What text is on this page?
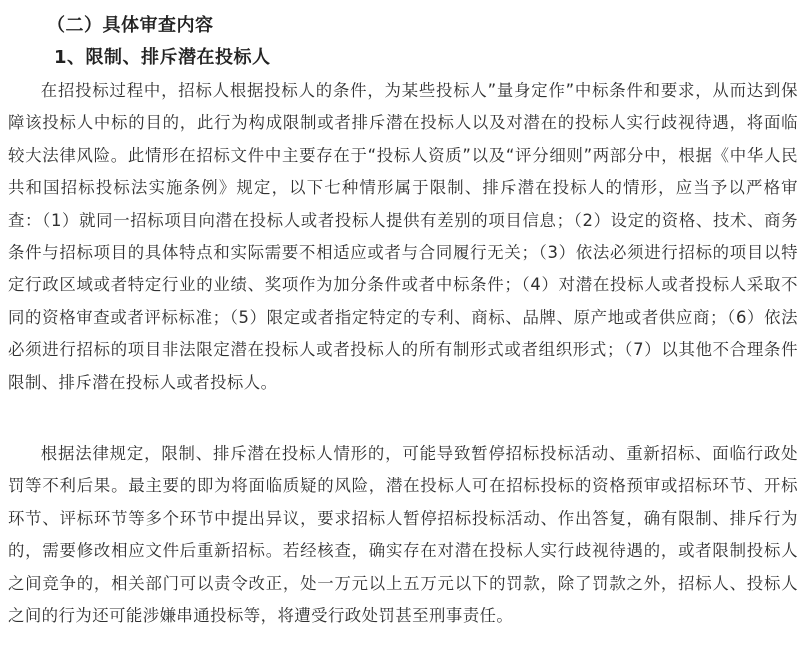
（二）具体审查内容
1、限制、排斥潜在投标人

在招投标过程中，招标人根据投标人的条件，为某些投标人”量身定作”中标条件和要求，从而达到保障该投标人中标的目的，此行为构成限制或者排斥潜在投标人以及对潜在的投标人实行歧视待遇，将面临较大法律风险。此情形在招标文件中主要存在于“投标人资质”以及“评分细则”两部分中，根据《中华人民共和国招标投标法实施条例》规定，以下七种情形属于限制、排斥潜在投标人的情形，应当予以严格审查：（1）就同一招标项目向潜在投标人或者投标人提供有差别的项目信息；（2）设定的资格、技术、商务条件与招标项目的具体特点和实际需要不相适应或者与合同履行无关；（3）依法必须进行招标的项目以特定行政区域或者特定行业的业绩、奖项作为加分条件或者中标条件；（4）对潜在投标人或者投标人采取不同的资格审查或者评标标准；（5）限定或者指定特定的专利、商标、品牌、原产地或者供应商；（6）依法必须进行招标的项目非法限定潜在投标人或者投标人的所有制形式或者组织形式；（7）以其他不合理条件限制、排斥潜在投标人或者投标人。

根据法律规定，限制、排斥潜在投标人情形的，可能导致暂停招标投标活动、重新招标、面临行政处罚等不利后果。最主要的即为将面临质疑的风险，潜在投标人可在招标投标的资格预审或招标环节、开标环节、评标环节等多个环节中提出异议，要求招标人暂停招标投标活动、作出答复，确有限制、排斥行为的，需要修改相应文件后重新招标。若经核查，确实存在对潜在投标人实行歧视待遇的，或者限制投标人之间竞争的，相关部门可以责令改正，处一万元以上五万元以下的罚款，除了罚款之外，招标人、投标人之间的行为还可能涉嫌串通投标等，将遭受行政处罚甚至刑事责任。
